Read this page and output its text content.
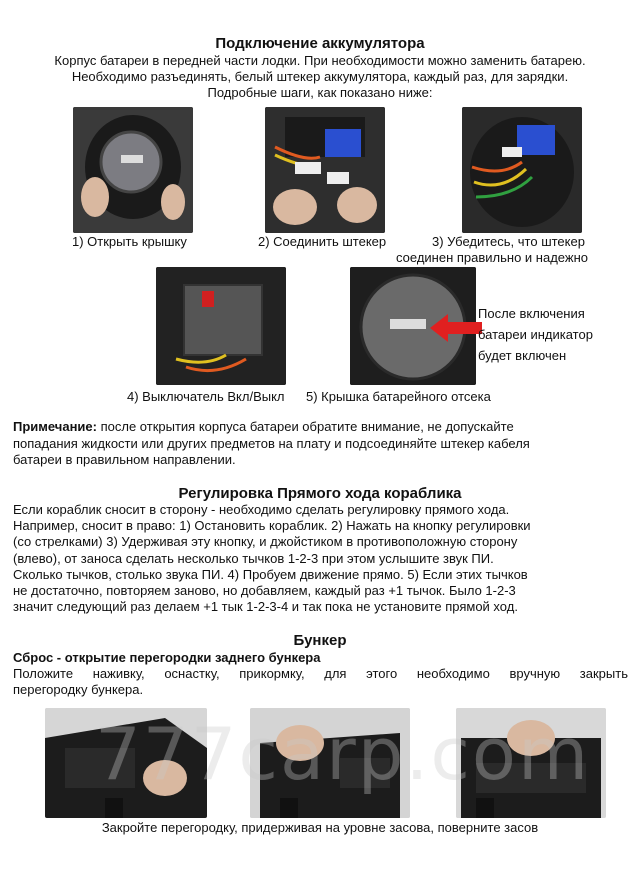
Подключение аккумулятора
Корпус батареи в передней части лодки. При необходимости можно заменить батарею.
Необходимо разъединять, белый штекер аккумулятора, каждый раз, для зарядки.
Подробные шаги, как показано ниже:
1) Открыть крышку	2) Соединить штекер	3) Убедитесь, что штекер
соединен правильно и надежно
После включения
батареи индикатор
будет включен
4) Выключатель Вкл/Выкл 5) Крышка батарейного отсека
Примечание: после открытия корпуса батареи обратите внимание, не допускайте
попадания жидкости или других предметов на плату и подсоединяйте штекер кабеля
батареи в правильном направлении.
Регулировка Прямого хода кораблика
Если кораблик сносит в сторону - необходимо сделать регулировку прямого хода.
Например, сносит в право: 1) Остановить кораблик. 2) Нажать на кнопку регулировки
(со стрелками) 3) Удерживая эту кнопку, и джойстиком в противоположную сторону
(влево), от заноса сделать несколько тычков 1-2-3 при этом услышите звук ПИ.
Сколько тычков, столько звука ПИ. 4) Пробуем движение прямо. 5) Если этих тычков
не достаточно, повторяем заново, но добавляем, каждый раз +1 тычок. Было 1-2-3
значит следующий раз делаем +1 тык 1-2-3-4 и так пока не установите прямой ход.
Бункер
Сброс - открытие перегородки заднего бункера
Положите наживку, оснастку, прикормку, для этого необходимо вручную закрыть
перегородку бункера.
777carp.com
Закройте перегородку, придерживая на уровне засова, поверните засов
